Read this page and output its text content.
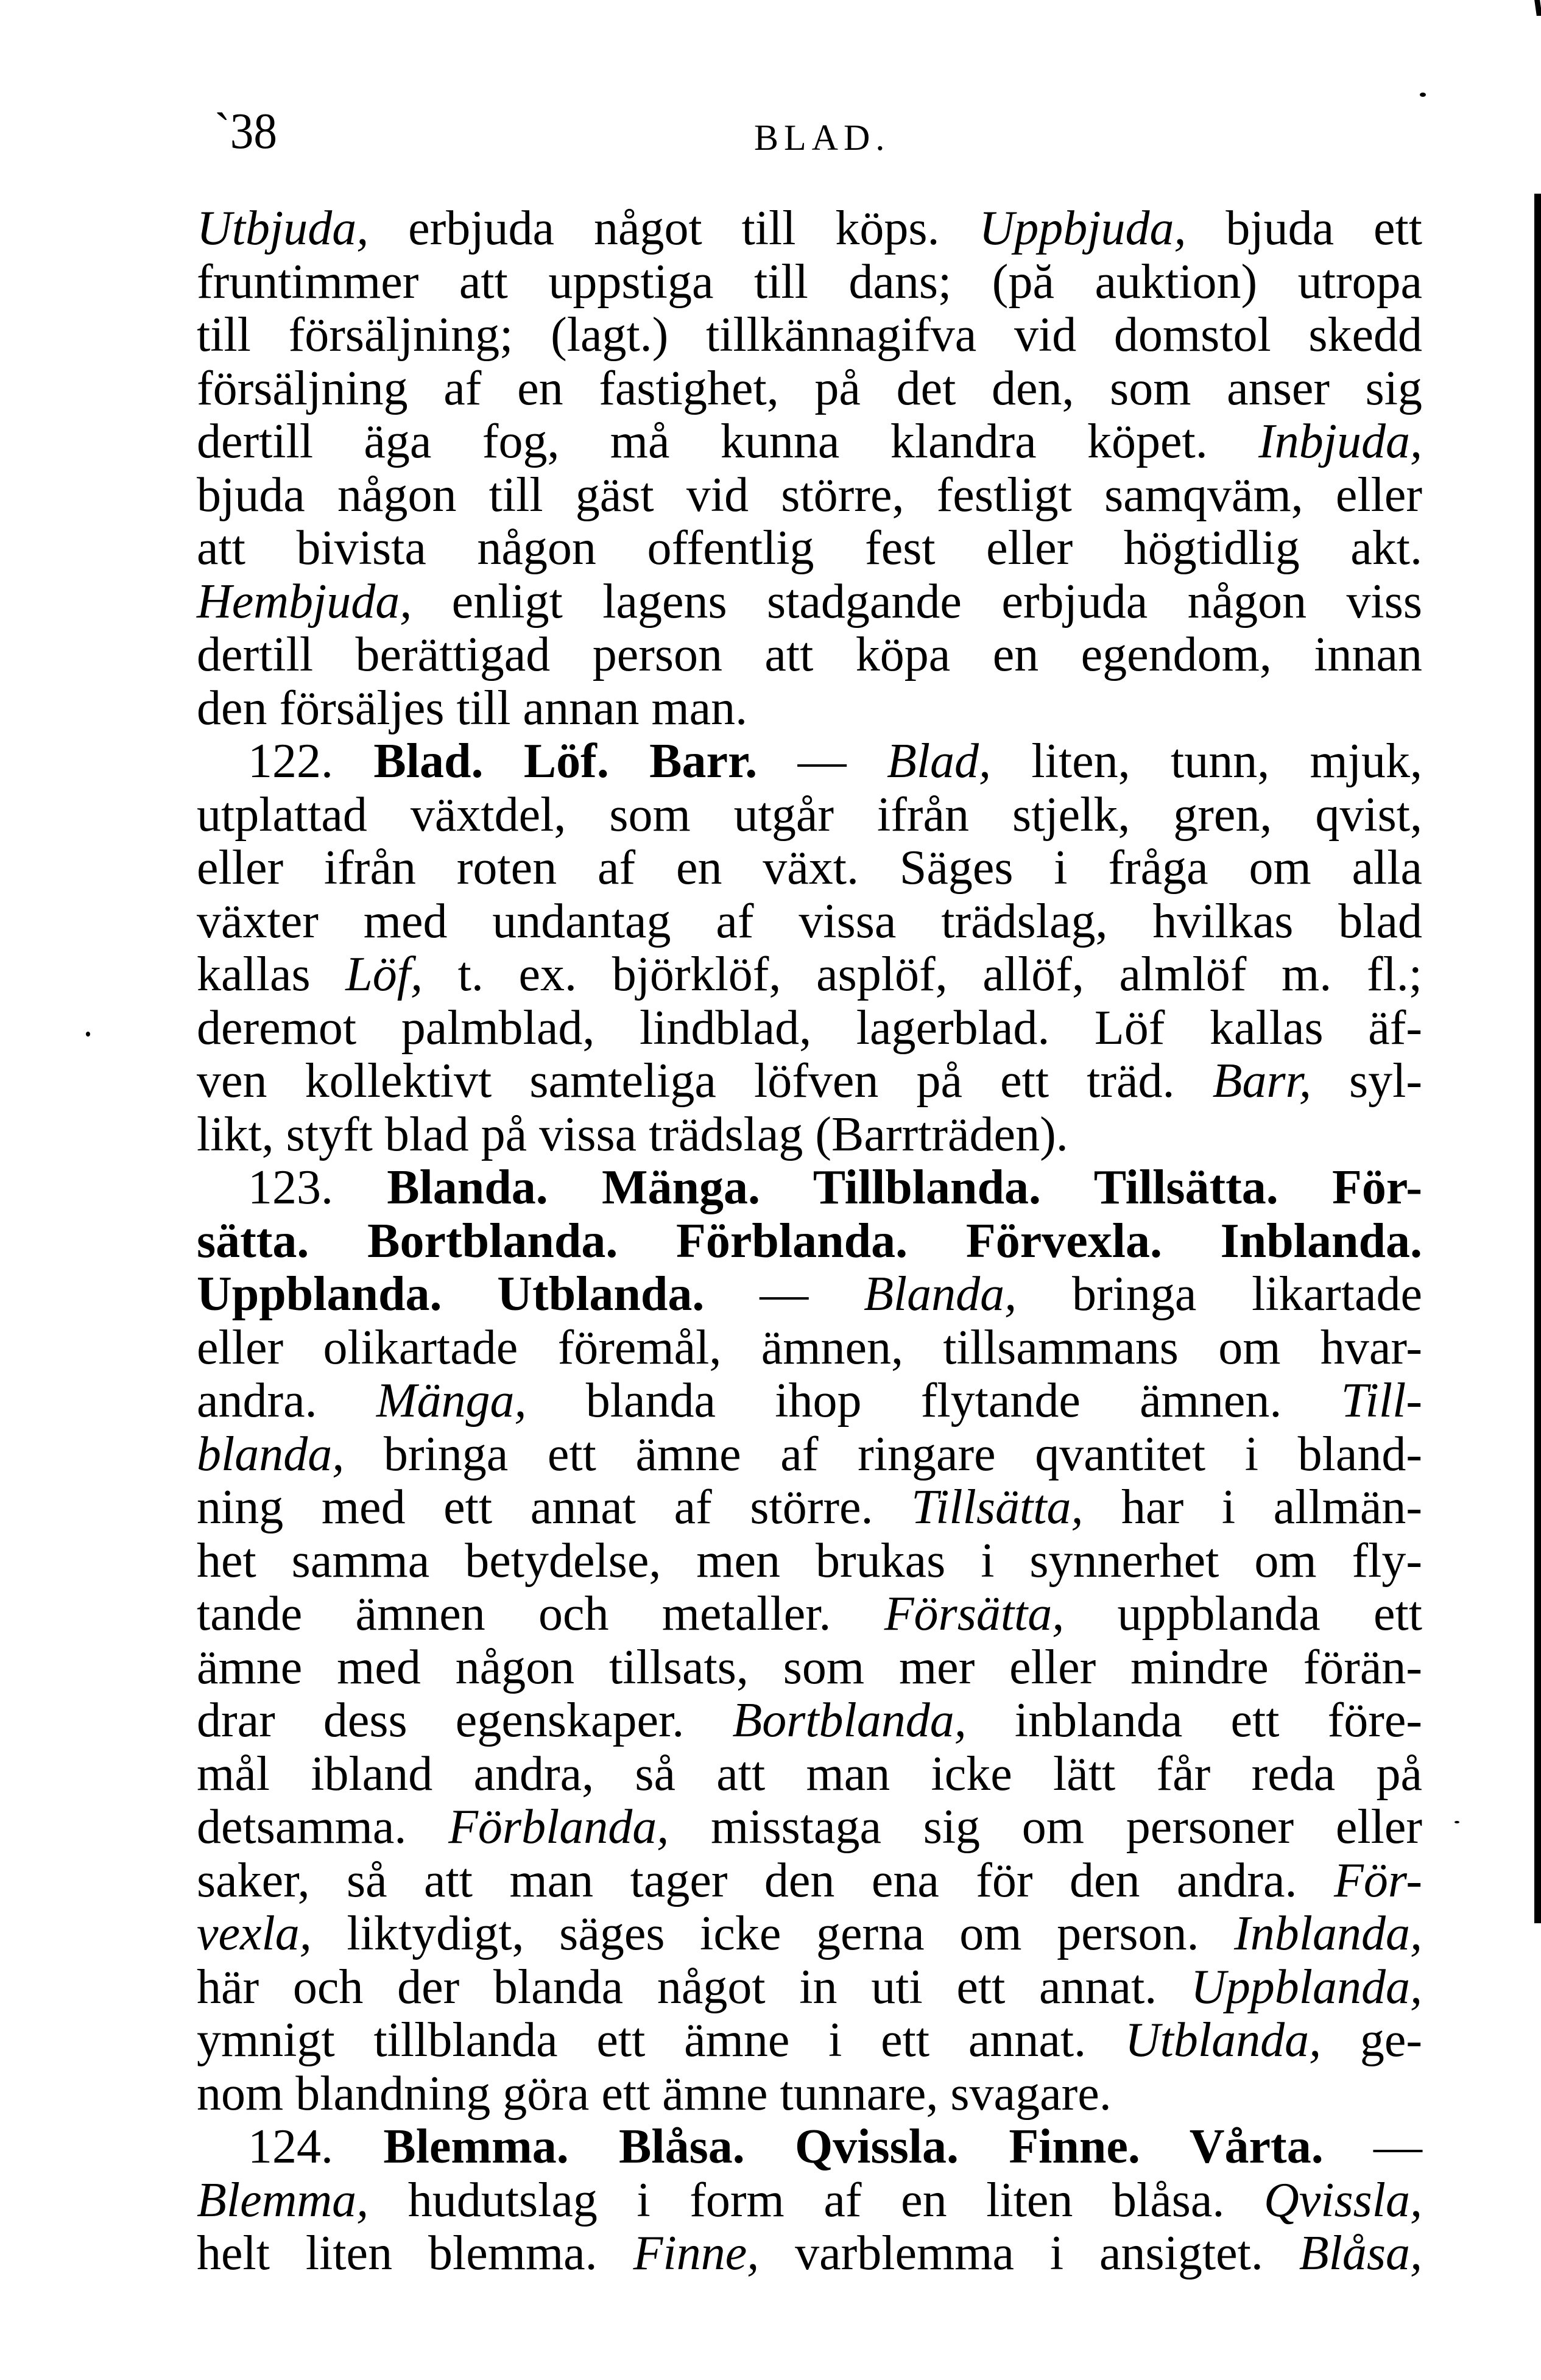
`38	BLAD.
Utbjuda, erbjuda något till köps. Uppbjuda, bjuda ett
fruntimmer att uppstiga till dans; (pă auktion) utropa
till försäljning; (lagt.) tillkännagifva vid domstol skedd
försäljning af en fastighet, på det den, som anser sig
dertill äga fog, må kunna klandra köpet. Inbjuda,
bjuda någon till gäst vid större, festligt samqväm, eller
att bivista någon offentlig fest eller högtidlig akt.
Hembjuda, enligt lagens stadgande erbjuda någon viss
dertill berättigad person att köpa en egendom, innan
den försäljes till annan man.
122. Blad. Löf. Barr. — Blad, liten, tunn, mjuk,
utplattad växtdel, som utgår ifrån stjelk, gren, qvist,
eller ifrån roten af en växt. Säges i fråga om alla
växter med undantag af vissa trädslag, hvilkas blad
kallas Löf, t. ex. björklöf, asplöf, allöf, almlöf m. fl.;
deremot palmblad, lindblad, lagerblad. Löf kallas äf-
ven kollektivt samteliga löfven på ett träd. Barr, syl-
likt, styft blad på vissa trädslag (Barrträden).
123. Blanda. Mänga. Tillblanda. Tillsätta. För-
sätta. Bortblanda. Förblanda. Förvexla. Inblanda.
Uppblanda. Utblanda. — Blanda, bringa likartade
eller olikartade föremål, ämnen, tillsammans om hvar-
andra. Mänga, blanda ihop flytande ämnen. Till-
blanda, bringa ett ämne af ringare qvantitet i bland-
ning med ett annat af större. Tillsätta, har i allmän-
het samma betydelse, men brukas i synnerhet om fly-
tande ämnen och metaller. Försätta, uppblanda ett
ämne med någon tillsats, som mer eller mindre förän-
drar dess egenskaper. Bortblanda, inblanda ett före-
mål ibland andra, så att man icke lätt får reda på
detsamma. Förblanda, misstaga sig om personer eller
saker, så att man tager den ena för den andra. För-
vexla, liktydigt, säges icke gerna om person. Inblanda,
här och der blanda något in uti ett annat. Uppblanda,
ymnigt tillblanda ett ämne i ett annat. Utblanda, ge-
nom blandning göra ett ämne tunnare, svagare.
124. Blemma. Blåsa. Qvissla. Finne. Vårta. —
Blemma, hudutslag i form af en liten blåsa. Qvissla,
helt liten blemma. Finne, varblemma i ansigtet. Blåsa,
